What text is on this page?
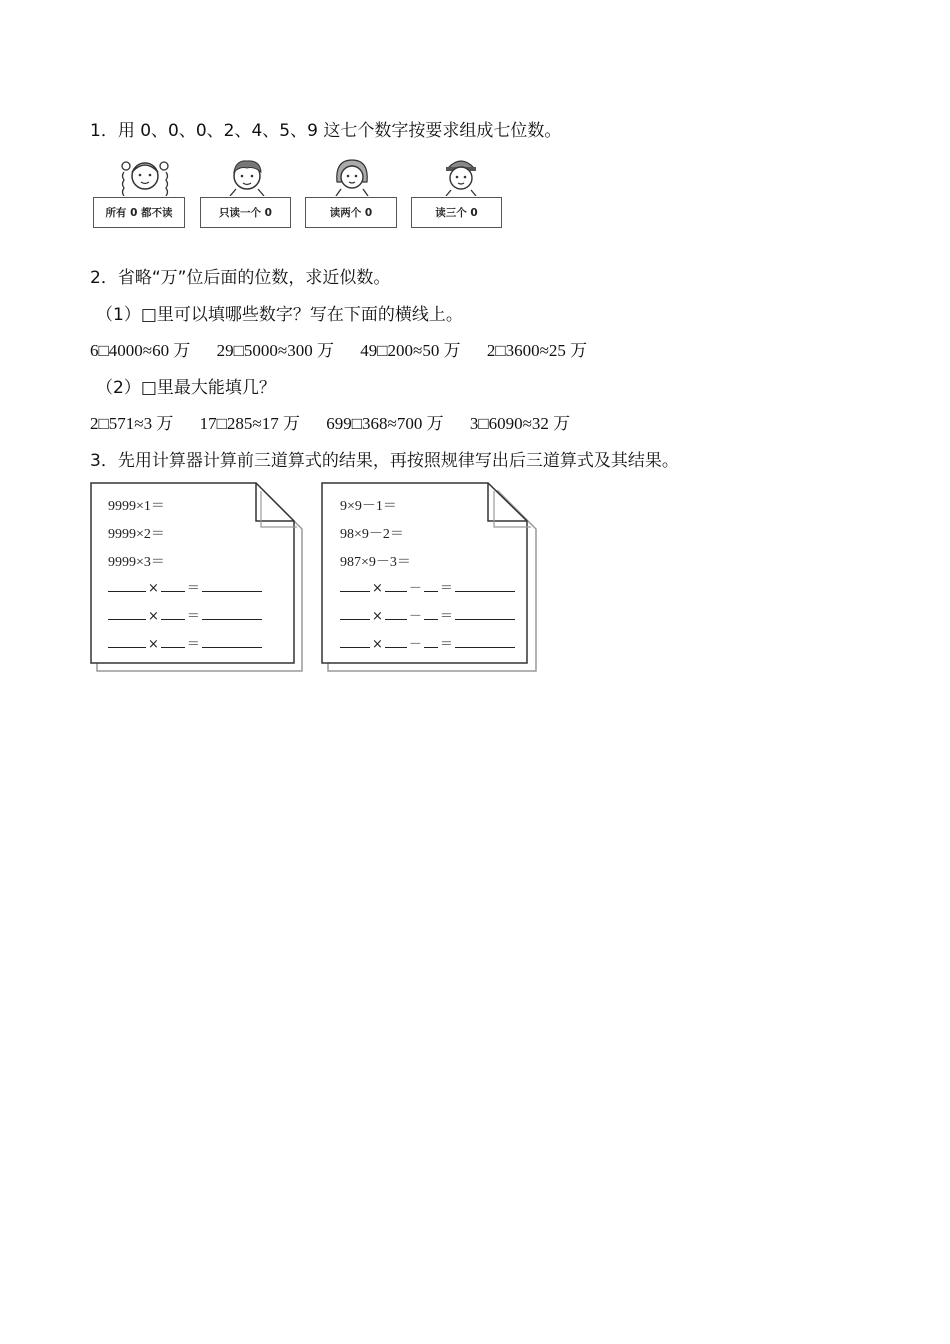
1．用 0、0、0、2、4、5、9 这七个数字按要求组成七位数。
所有 0 都不读	只读一个 0	读两个 0	读三个 0
2．省略“万”位后面的位数，求近似数。
（1）□里可以填哪些数字？写在下面的横线上。
6□4000≈60 万 29□5000≈300 万 49□200≈50 万 2□3600≈25 万
（2）□里最大能填几？
2□571≈3 万 17□285≈17 万 699□368≈700 万 3□6090≈32 万
3．先用计算器计算前三道算式的结果，再按照规律写出后三道算式及其结果。
9999×1＝
9999×2＝
9999×3＝
× ＝
× ＝
× ＝
9×9－1＝
98×9－2＝
987×9－3＝
× － ＝
× － ＝
× － ＝
